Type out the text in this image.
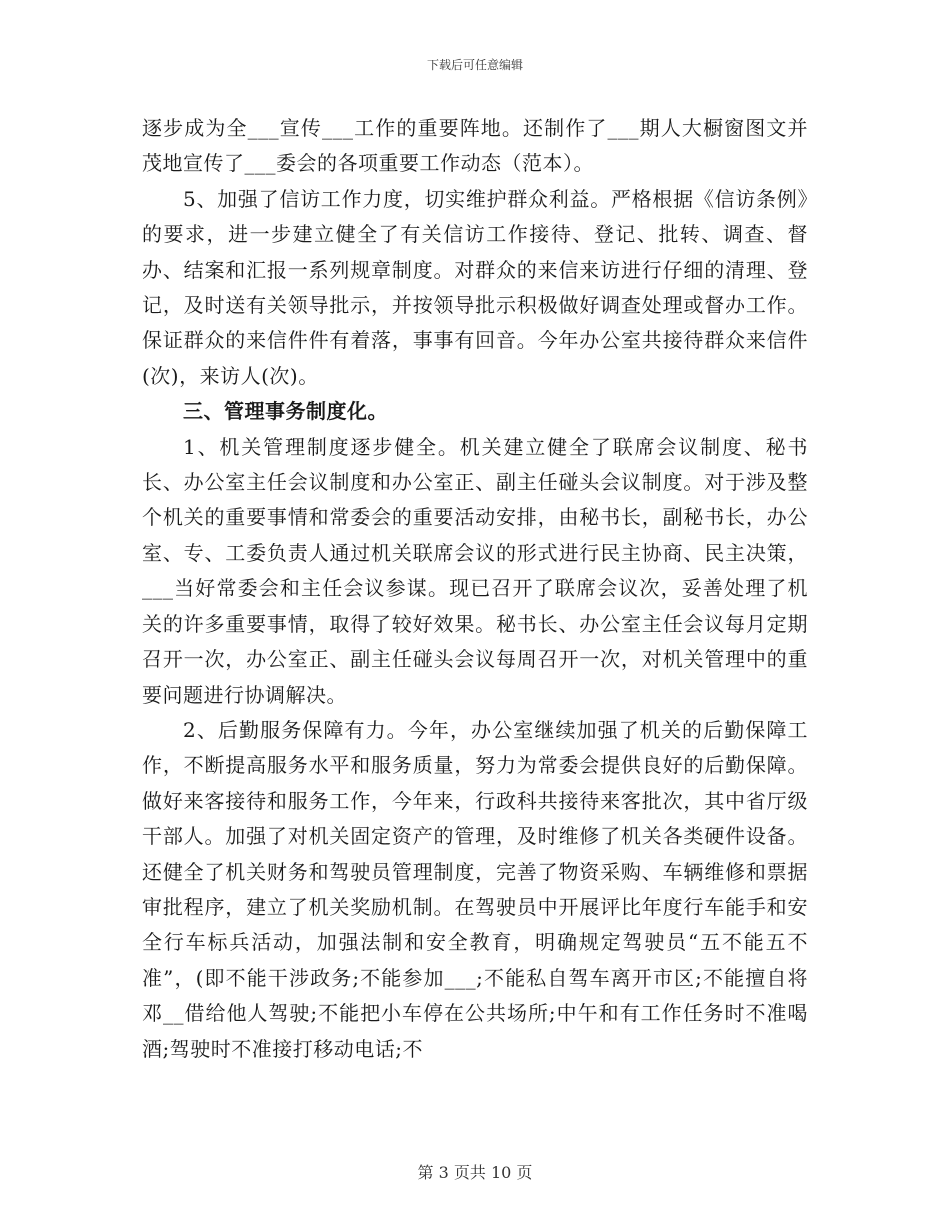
下载后可任意编辑

逐步成为全___宣传___工作的重要阵地。还制作了___期人大橱窗图文并茂地宣传了___委会的各项重要工作动态（范本）。

5、加强了信访工作力度，切实维护群众利益。严格根据《信访条例》的要求，进一步建立健全了有关信访工作接待、登记、批转、调查、督办、结案和汇报一系列规章制度。对群众的来信来访进行仔细的清理、登记，及时送有关领导批示，并按领导批示积极做好调查处理或督办工作。保证群众的来信件件有着落，事事有回音。今年办公室共接待群众来信件(次)，来访人(次)。

三、管理事务制度化。

1、机关管理制度逐步健全。机关建立健全了联席会议制度、秘书长、办公室主任会议制度和办公室正、副主任碰头会议制度。对于涉及整个机关的重要事情和常委会的重要活动安排，由秘书长，副秘书长，办公室、专、工委负责人通过机关联席会议的形式进行民主协商、民主决策，___当好常委会和主任会议参谋。现已召开了联席会议次，妥善处理了机关的许多重要事情，取得了较好效果。秘书长、办公室主任会议每月定期召开一次，办公室正、副主任碰头会议每周召开一次，对机关管理中的重要问题进行协调解决。

2、后勤服务保障有力。今年，办公室继续加强了机关的后勤保障工作，不断提高服务水平和服务质量，努力为常委会提供良好的后勤保障。做好来客接待和服务工作，今年来，行政科共接待来客批次，其中省厅级干部人。加强了对机关固定资产的管理，及时维修了机关各类硬件设备。还健全了机关财务和驾驶员管理制度，完善了物资采购、车辆维修和票据审批程序，建立了机关奖励机制。在驾驶员中开展评比年度行车能手和安全行车标兵活动，加强法制和安全教育，明确规定驾驶员“五不能五不准”，(即不能干涉政务;不能参加___;不能私自驾车离开市区;不能擅自将邓__借给他人驾驶;不能把小车停在公共场所;中午和有工作任务时不准喝酒;驾驶时不准接打移动电话;不

第 3 页共 10 页
